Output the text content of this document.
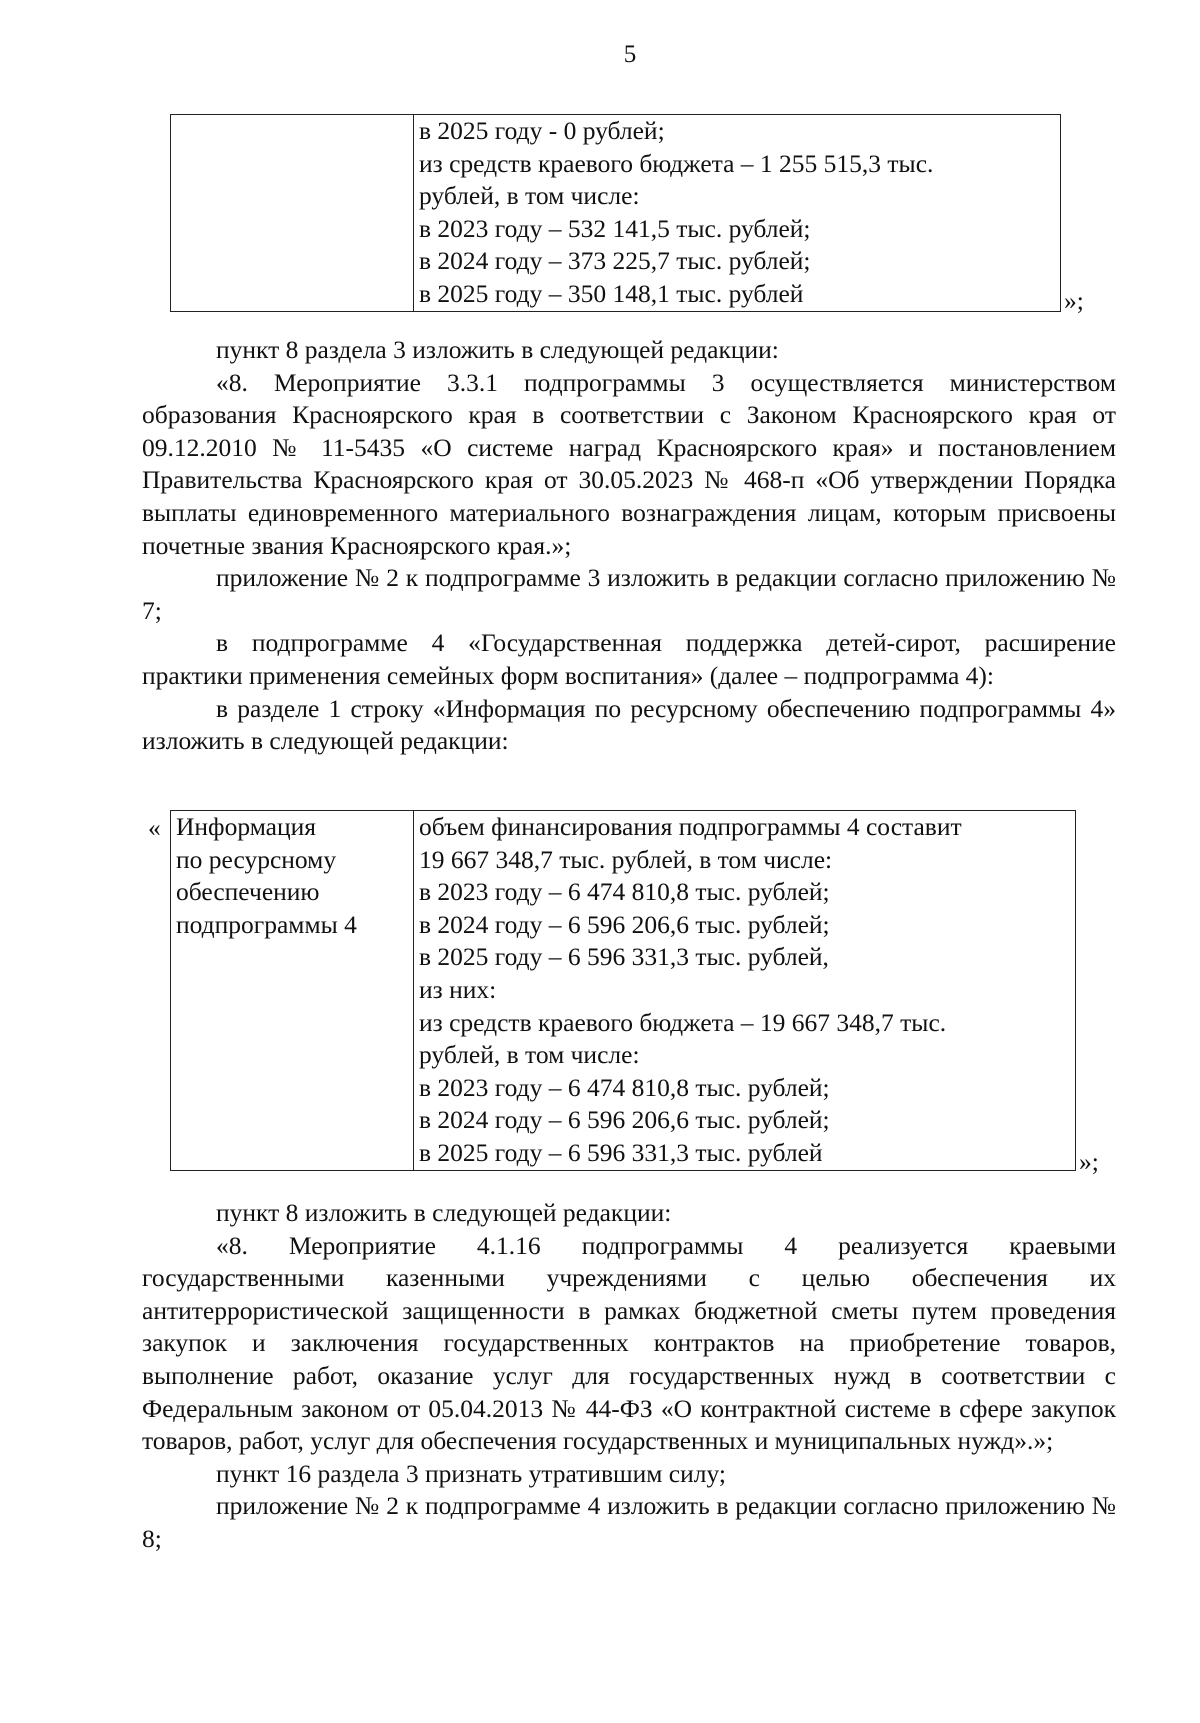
5

в 2025 году - 0 рублей;
из средств краевого бюджета – 1 255 515,3 тыс.
рублей, в том числе:
в 2023 году – 532 141,5 тыс. рублей;
в 2024 году – 373 225,7 тыс. рублей;
в 2025 году – 350 148,1 тыс. рублей	»;

пункт 8 раздела 3 изложить в следующей редакции:

«8. Мероприятие 3.3.1 подпрограммы 3 осуществляется министерством образования Красноярского края в соответствии с Законом Красноярского края от 09.12.2010 № 11-5435 «О системе наград Красноярского края» и постановлением Правительства Красноярского края от 30.05.2023 № 468-п «Об утверждении Порядка выплаты единовременного материального вознаграждения лицам, которым присвоены почетные звания Красноярского края.»;

приложение № 2 к подпрограмме 3 изложить в редакции согласно приложению № 7;

в подпрограмме 4 «Государственная поддержка детей-сирот, расширение практики применения семейных форм воспитания» (далее – подпрограмма 4):

в разделе 1 строку «Информация по ресурсному обеспечению подпрограммы 4» изложить в следующей редакции:

« Информация
по ресурсному
обеспечению
подпрограммы 4

объем финансирования подпрограммы 4 составит
19 667 348,7 тыс. рублей, в том числе:
в 2023 году – 6 474 810,8 тыс. рублей;
в 2024 году – 6 596 206,6 тыс. рублей;
в 2025 году – 6 596 331,3 тыс. рублей,
из них:
из средств краевого бюджета – 19 667 348,7 тыс.
рублей, в том числе:
в 2023 году – 6 474 810,8 тыс. рублей;
в 2024 году – 6 596 206,6 тыс. рублей;
в 2025 году – 6 596 331,3 тыс. рублей	»;

пункт 8 изложить в следующей редакции:

«8. Мероприятие 4.1.16 подпрограммы 4 реализуется краевыми государственными казенными учреждениями с целью обеспечения их антитеррористической защищенности в рамках бюджетной сметы путем проведения закупок и заключения государственных контрактов на приобретение товаров, выполнение работ, оказание услуг для государственных нужд в соответствии с Федеральным законом от 05.04.2013 № 44-ФЗ «О контрактной системе в сфере закупок товаров, работ, услуг для обеспечения государственных и муниципальных нужд».»;

пункт 16 раздела 3 признать утратившим силу;

приложение № 2 к подпрограмме 4 изложить в редакции согласно приложению № 8;
